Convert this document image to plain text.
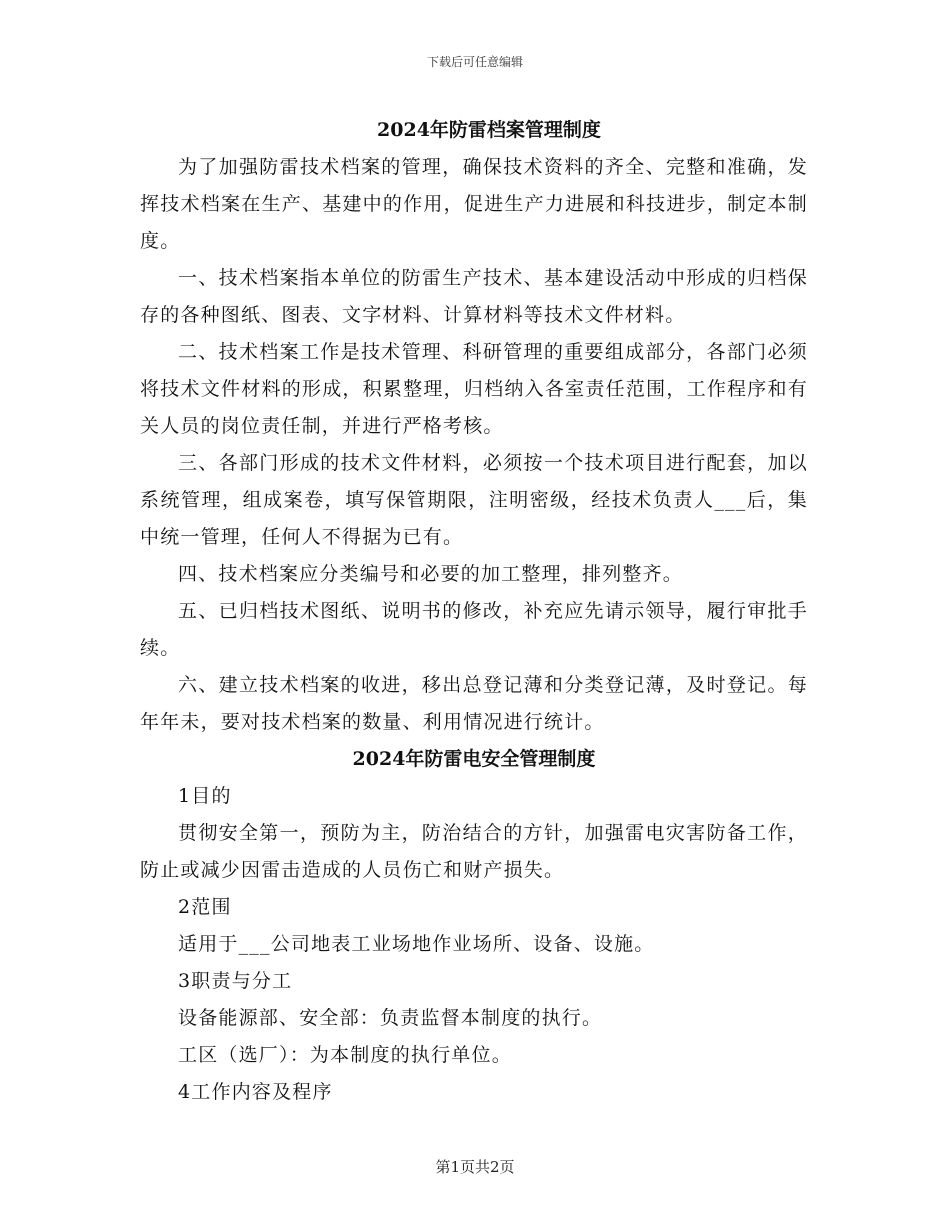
下载后可任意编辑
2024年防雷档案管理制度

为了加强防雷技术档案的管理，确保技术资料的齐全、完整和准确，发挥技术档案在生产、基建中的作用，促进生产力进展和科技进步，制定本制度。

一、技术档案指本单位的防雷生产技术、基本建设活动中形成的归档保存的各种图纸、图表、文字材料、计算材料等技术文件材料。

二、技术档案工作是技术管理、科研管理的重要组成部分，各部门必须将技术文件材料的形成，积累整理，归档纳入各室责任范围，工作程序和有关人员的岗位责任制，并进行严格考核。

三、各部门形成的技术文件材料，必须按一个技术项目进行配套，加以系统管理，组成案卷，填写保管期限，注明密级，经技术负责人___后，集中统一管理，任何人不得据为已有。

四、技术档案应分类编号和必要的加工整理，排列整齐。

五、已归档技术图纸、说明书的修改，补充应先请示领导，履行审批手续。

六、建立技术档案的收进，移出总登记薄和分类登记薄，及时登记。每年年未，要对技术档案的数量、利用情况进行统计。

2024年防雷电安全管理制度

1目的

贯彻安全第一，预防为主，防治结合的方针，加强雷电灾害防备工作，防止或减少因雷击造成的人员伤亡和财产损失。

2范围

适用于___公司地表工业场地作业场所、设备、设施。

3职责与分工

设备能源部、安全部：负责监督本制度的执行。

工区（选厂）：为本制度的执行单位。

4工作内容及程序

第1页共2页
